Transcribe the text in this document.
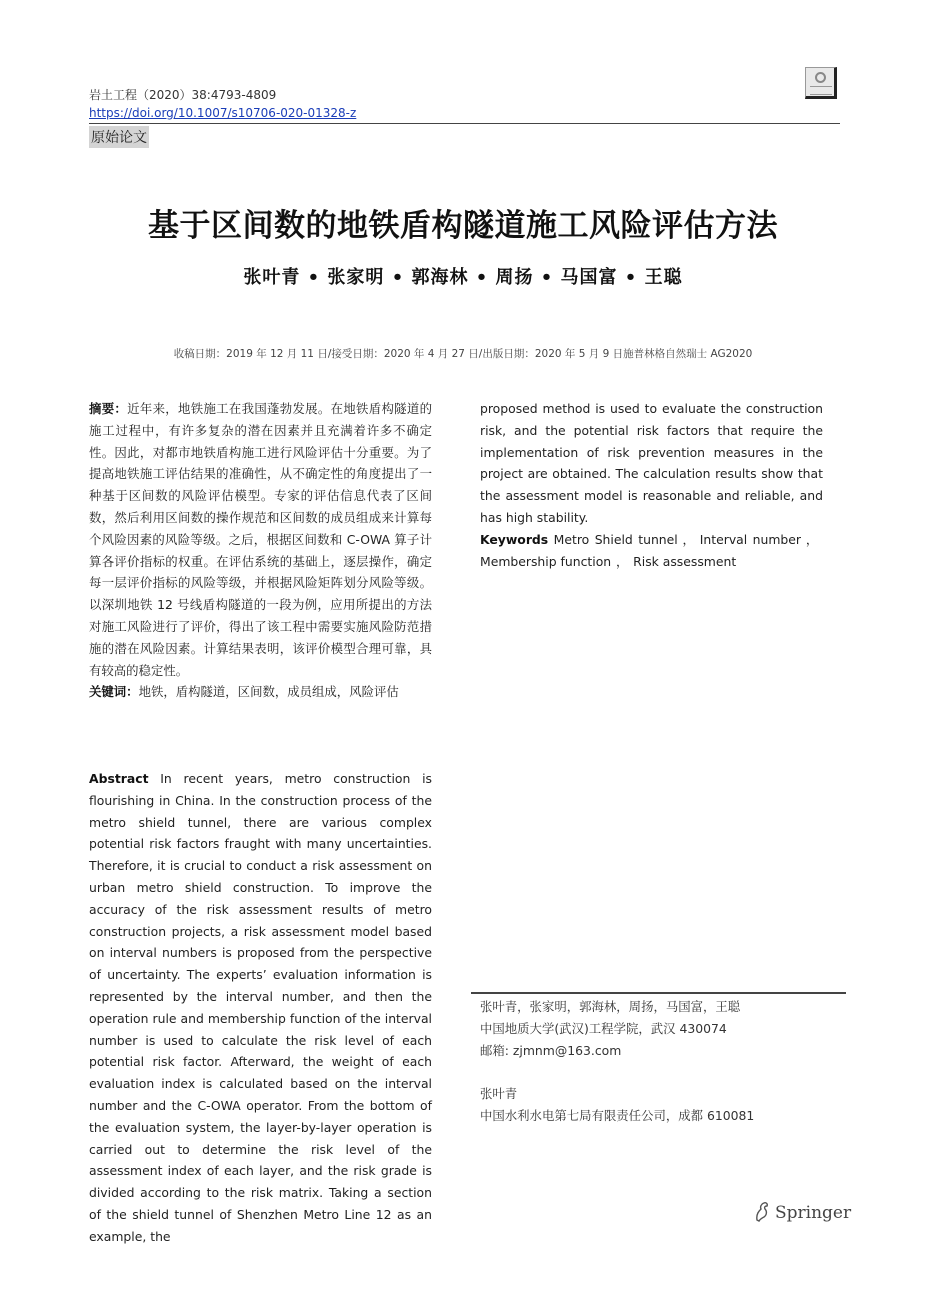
岩土工程（2020）38:4793-4809
https://doi.org/10.1007/s10706-020-01328-z
原始论文
基于区间数的地铁盾构隧道施工风险评估方法
张叶青 • 张家明 • 郭海林 • 周扬 • 马国富 • 王聪
收稿日期：2019 年 12 月 11 日/接受日期：2020 年 4 月 27 日/出版日期：2020 年 5 月 9 日施普林格自然瑞士 AG2020

摘要：近年来，地铁施工在我国蓬勃发展。在地铁盾构隧道的施工过程中，有许多复杂的潜在因素并且充满着许多不确定性。因此，对都市地铁盾构施工进行风险评估十分重要。为了提高地铁施工评估结果的准确性，从不确定性的角度提出了一种基于区间数的风险评估模型。专家的评估信息代表了区间数，然后利用区间数的操作规范和区间数的成员组成来计算每个风险因素的风险等级。之后，根据区间数和 C-OWA 算子计算各评价指标的权重。在评估系统的基础上，逐层操作，确定每一层评价指标的风险等级，并根据风险矩阵划分风险等级。以深圳地铁 12 号线盾构隧道的一段为例，应用所提出的方法对施工风险进行了评价，得出了该工程中需要实施风险防范措施的潜在风险因素。计算结果表明，该评价模型合理可靠，具有较高的稳定性。

关键词：地铁，盾构隧道，区间数，成员组成，风险评估

Abstract In recent years, metro construction is flourishing in China. In the construction process of the metro shield tunnel, there are various complex potential risk factors fraught with many uncertainties. Therefore, it is crucial to conduct a risk assessment on urban metro shield construction. To improve the accuracy of the risk assessment results of metro construction projects, a risk assessment model based on interval numbers is proposed from the perspective of uncertainty. The experts’ evaluation information is represented by the interval number, and then the operation rule and membership function of the interval number is used to calculate the risk level of each potential risk factor. Afterward, the weight of each evaluation index is calculated based on the interval number and the C-OWA operator. From the bottom of the evaluation system, the layer-by-layer operation is carried out to determine the risk level of the assessment index of each layer, and the risk grade is divided according to the risk matrix. Taking a section of the shield tunnel of Shenzhen Metro Line 12 as an example, the

proposed method is used to evaluate the construction risk, and the potential risk factors that require the implementation of risk prevention measures in the project are obtained. The calculation results show that the assessment model is reasonable and reliable, and has high stability.

Keywords Metro Shield tunnel ， Interval number ，Membership function ， Risk assessment

张叶青，张家明，郭海林，周扬，马国富，王聪

中国地质大学(武汉)工程学院，武汉 430074

邮箱: zjmnm@163.com

张叶青

中国水利水电第七局有限责任公司，成都 610081

Springer
